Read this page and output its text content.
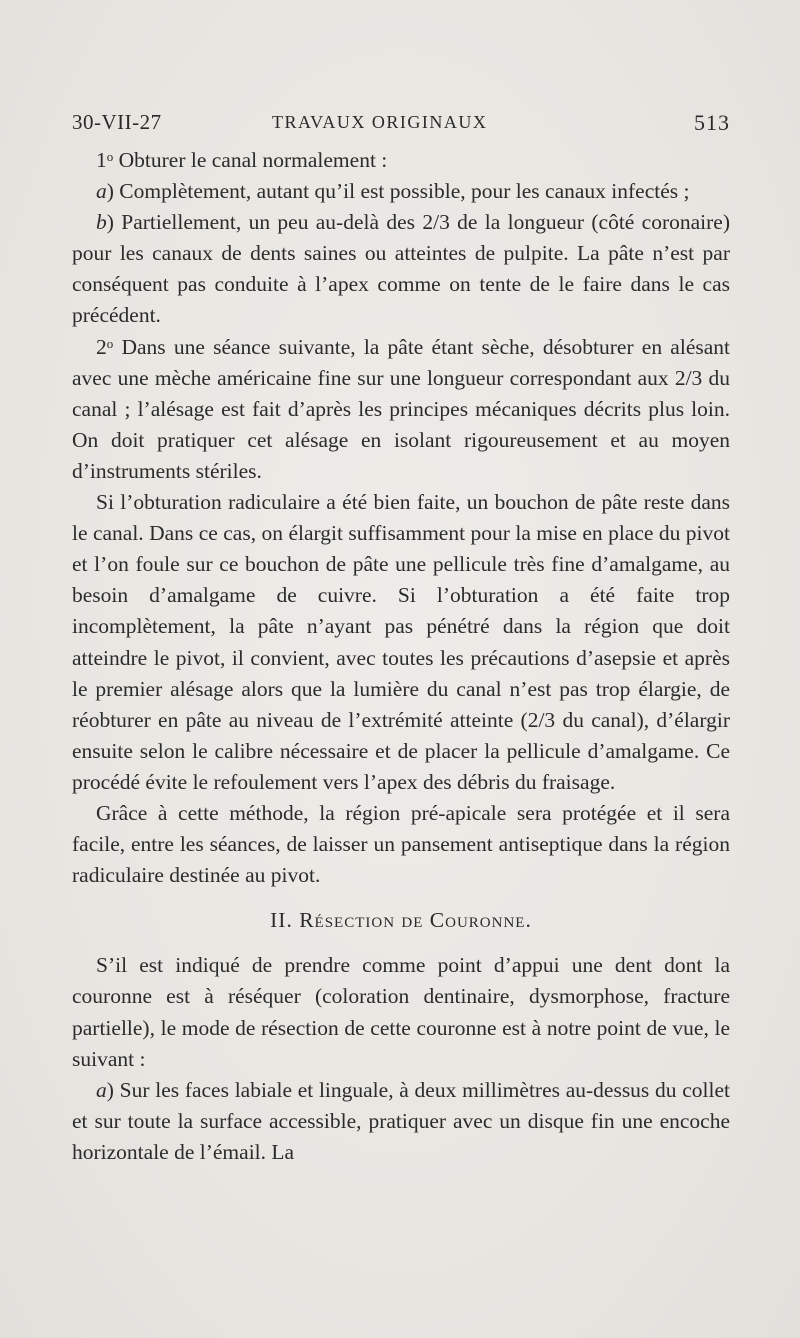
30-VII-27	TRAVAUX ORIGINAUX	513

1$^o$ Obturer le canal normalement :

a) Complètement, autant qu’il est possible, pour les canaux infectés ;

b) Partiellement, un peu au-delà des 2/3 de la longueur (côté coronaire) pour les canaux de dents saines ou atteintes de pulpite. La pâte n’est par conséquent pas conduite à l’apex comme on tente de le faire dans le cas précédent.

2$^o$ Dans une séance suivante, la pâte étant sèche, désobturer en alésant avec une mèche américaine fine sur une longueur correspondant aux 2/3 du canal ; l’alésage est fait d’après les principes mécaniques décrits plus loin. On doit pratiquer cet alésage en isolant rigoureusement et au moyen d’instruments stériles.

Si l’obturation radiculaire a été bien faite, un bouchon de pâte reste dans le canal. Dans ce cas, on élargit suffisamment pour la mise en place du pivot et l’on foule sur ce bouchon de pâte une pellicule très fine d’amalgame, au besoin d’amalgame de cuivre. Si l’obturation a été faite trop incomplètement, la pâte n’ayant pas pénétré dans la région que doit atteindre le pivot, il convient, avec toutes les précautions d’asepsie et après le premier alésage alors que la lumière du canal n’est pas trop élargie, de réobturer en pâte au niveau de l’extrémité atteinte (2/3 du canal), d’élargir ensuite selon le calibre nécessaire et de placer la pellicule d’amalgame. Ce procédé évite le refoulement vers l’apex des débris du fraisage.

Grâce à cette méthode, la région pré-apicale sera protégée et il sera facile, entre les séances, de laisser un pansement antiseptique dans la région radiculaire destinée au pivot.

II. Résection de Couronne.

S’il est indiqué de prendre comme point d’appui une dent dont la couronne est à réséquer (coloration dentinaire, dysmorphose, fracture partielle), le mode de résection de cette couronne est à notre point de vue, le suivant :

a) Sur les faces labiale et linguale, à deux millimètres au-dessus du collet et sur toute la surface accessible, pratiquer avec un disque fin une encoche horizontale de l’émail. La
